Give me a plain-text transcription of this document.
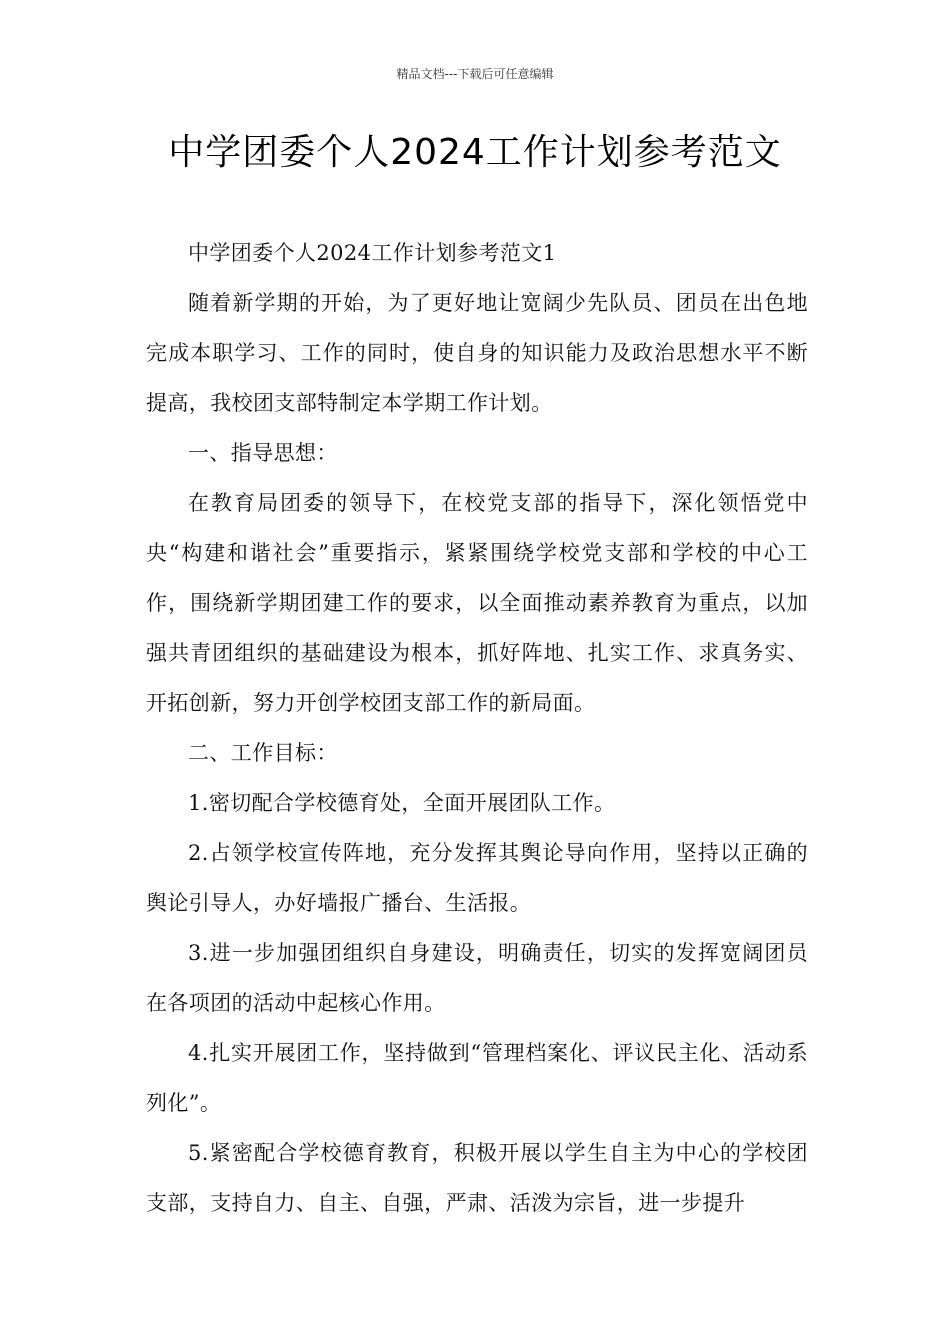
精品文档---下载后可任意编辑
中学团委个人2024工作计划参考范文

中学团委个人2024工作计划参考范文1

随着新学期的开始，为了更好地让宽阔少先队员、团员在出色地完成本职学习、工作的同时，使自身的知识能力及政治思想水平不断提高，我校团支部特制定本学期工作计划。

一、指导思想：

在教育局团委的领导下，在校党支部的指导下，深化领悟党中央“构建和谐社会”重要指示，紧紧围绕学校党支部和学校的中心工作，围绕新学期团建工作的要求，以全面推动素养教育为重点，以加强共青团组织的基础建设为根本，抓好阵地、扎实工作、求真务实、开拓创新，努力开创学校团支部工作的新局面。

二、工作目标：

1.密切配合学校德育处，全面开展团队工作。

2.占领学校宣传阵地，充分发挥其舆论导向作用，坚持以正确的舆论引导人，办好墙报广播台、生活报。

3.进一步加强团组织自身建设，明确责任，切实的发挥宽阔团员在各项团的活动中起核心作用。

4.扎实开展团工作，坚持做到“管理档案化、评议民主化、活动系列化”。

5.紧密配合学校德育教育，积极开展以学生自主为中心的学校团支部，支持自力、自主、自强，严肃、活泼为宗旨，进一步提升
